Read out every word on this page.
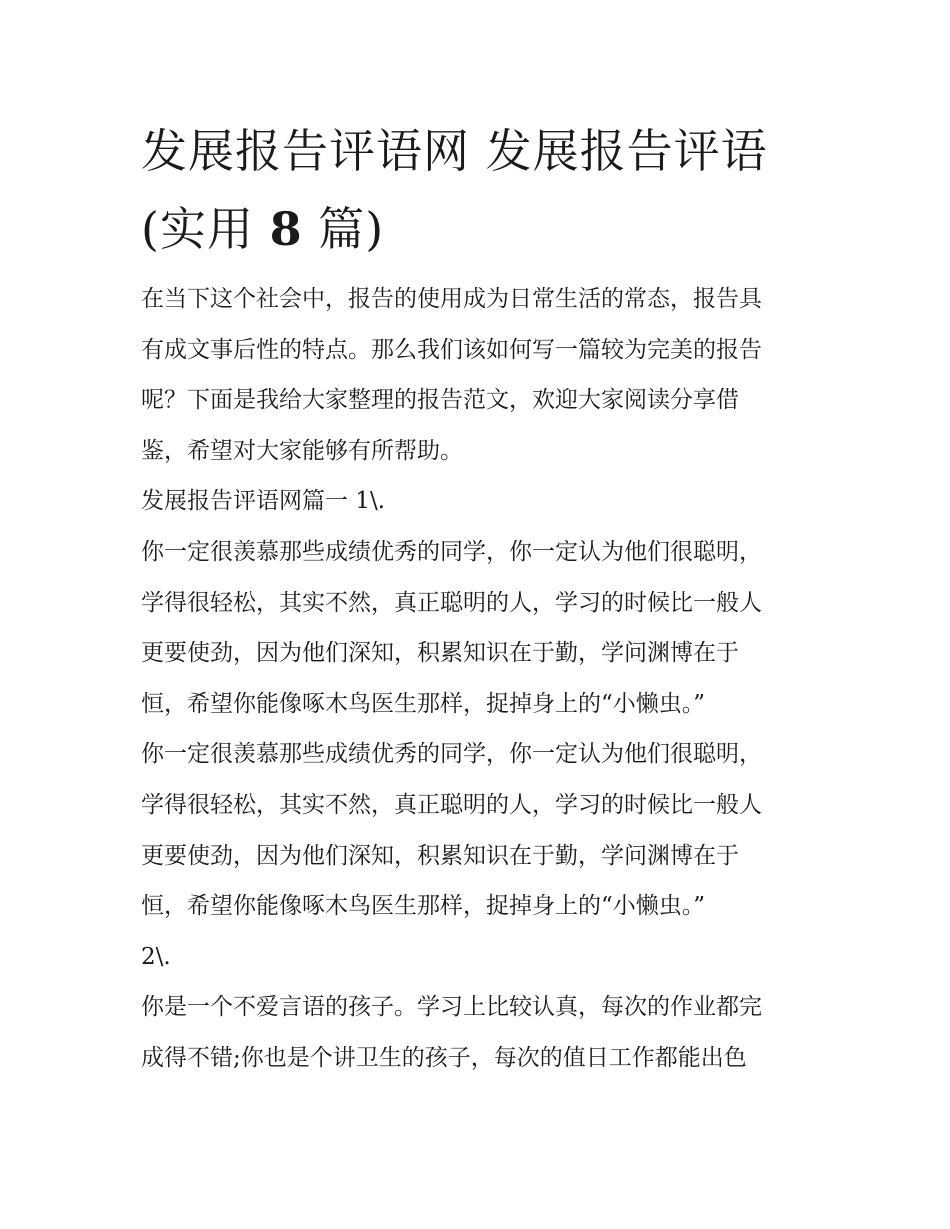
发展报告评语网 发展报告评语
(实用 8 篇)

在当下这个社会中，报告的使用成为日常生活的常态，报告具
有成文事后性的特点。那么我们该如何写一篇较为完美的报告
呢？下面是我给大家整理的报告范文，欢迎大家阅读分享借
鉴，希望对大家能够有所帮助。

发展报告评语网篇一 1\.

你一定很羡慕那些成绩优秀的同学，你一定认为他们很聪明，
学得很轻松，其实不然，真正聪明的人，学习的时候比一般人
更要使劲，因为他们深知，积累知识在于勤，学问渊博在于
恒，希望你能像啄木鸟医生那样，捉掉身上的“小懒虫。”

你一定很羡慕那些成绩优秀的同学，你一定认为他们很聪明，
学得很轻松，其实不然，真正聪明的人，学习的时候比一般人
更要使劲，因为他们深知，积累知识在于勤，学问渊博在于
恒，希望你能像啄木鸟医生那样，捉掉身上的“小懒虫。”

2\.

你是一个不爱言语的孩子。学习上比较认真，每次的作业都完
成得不错;你也是个讲卫生的孩子，每次的值日工作都能出色
